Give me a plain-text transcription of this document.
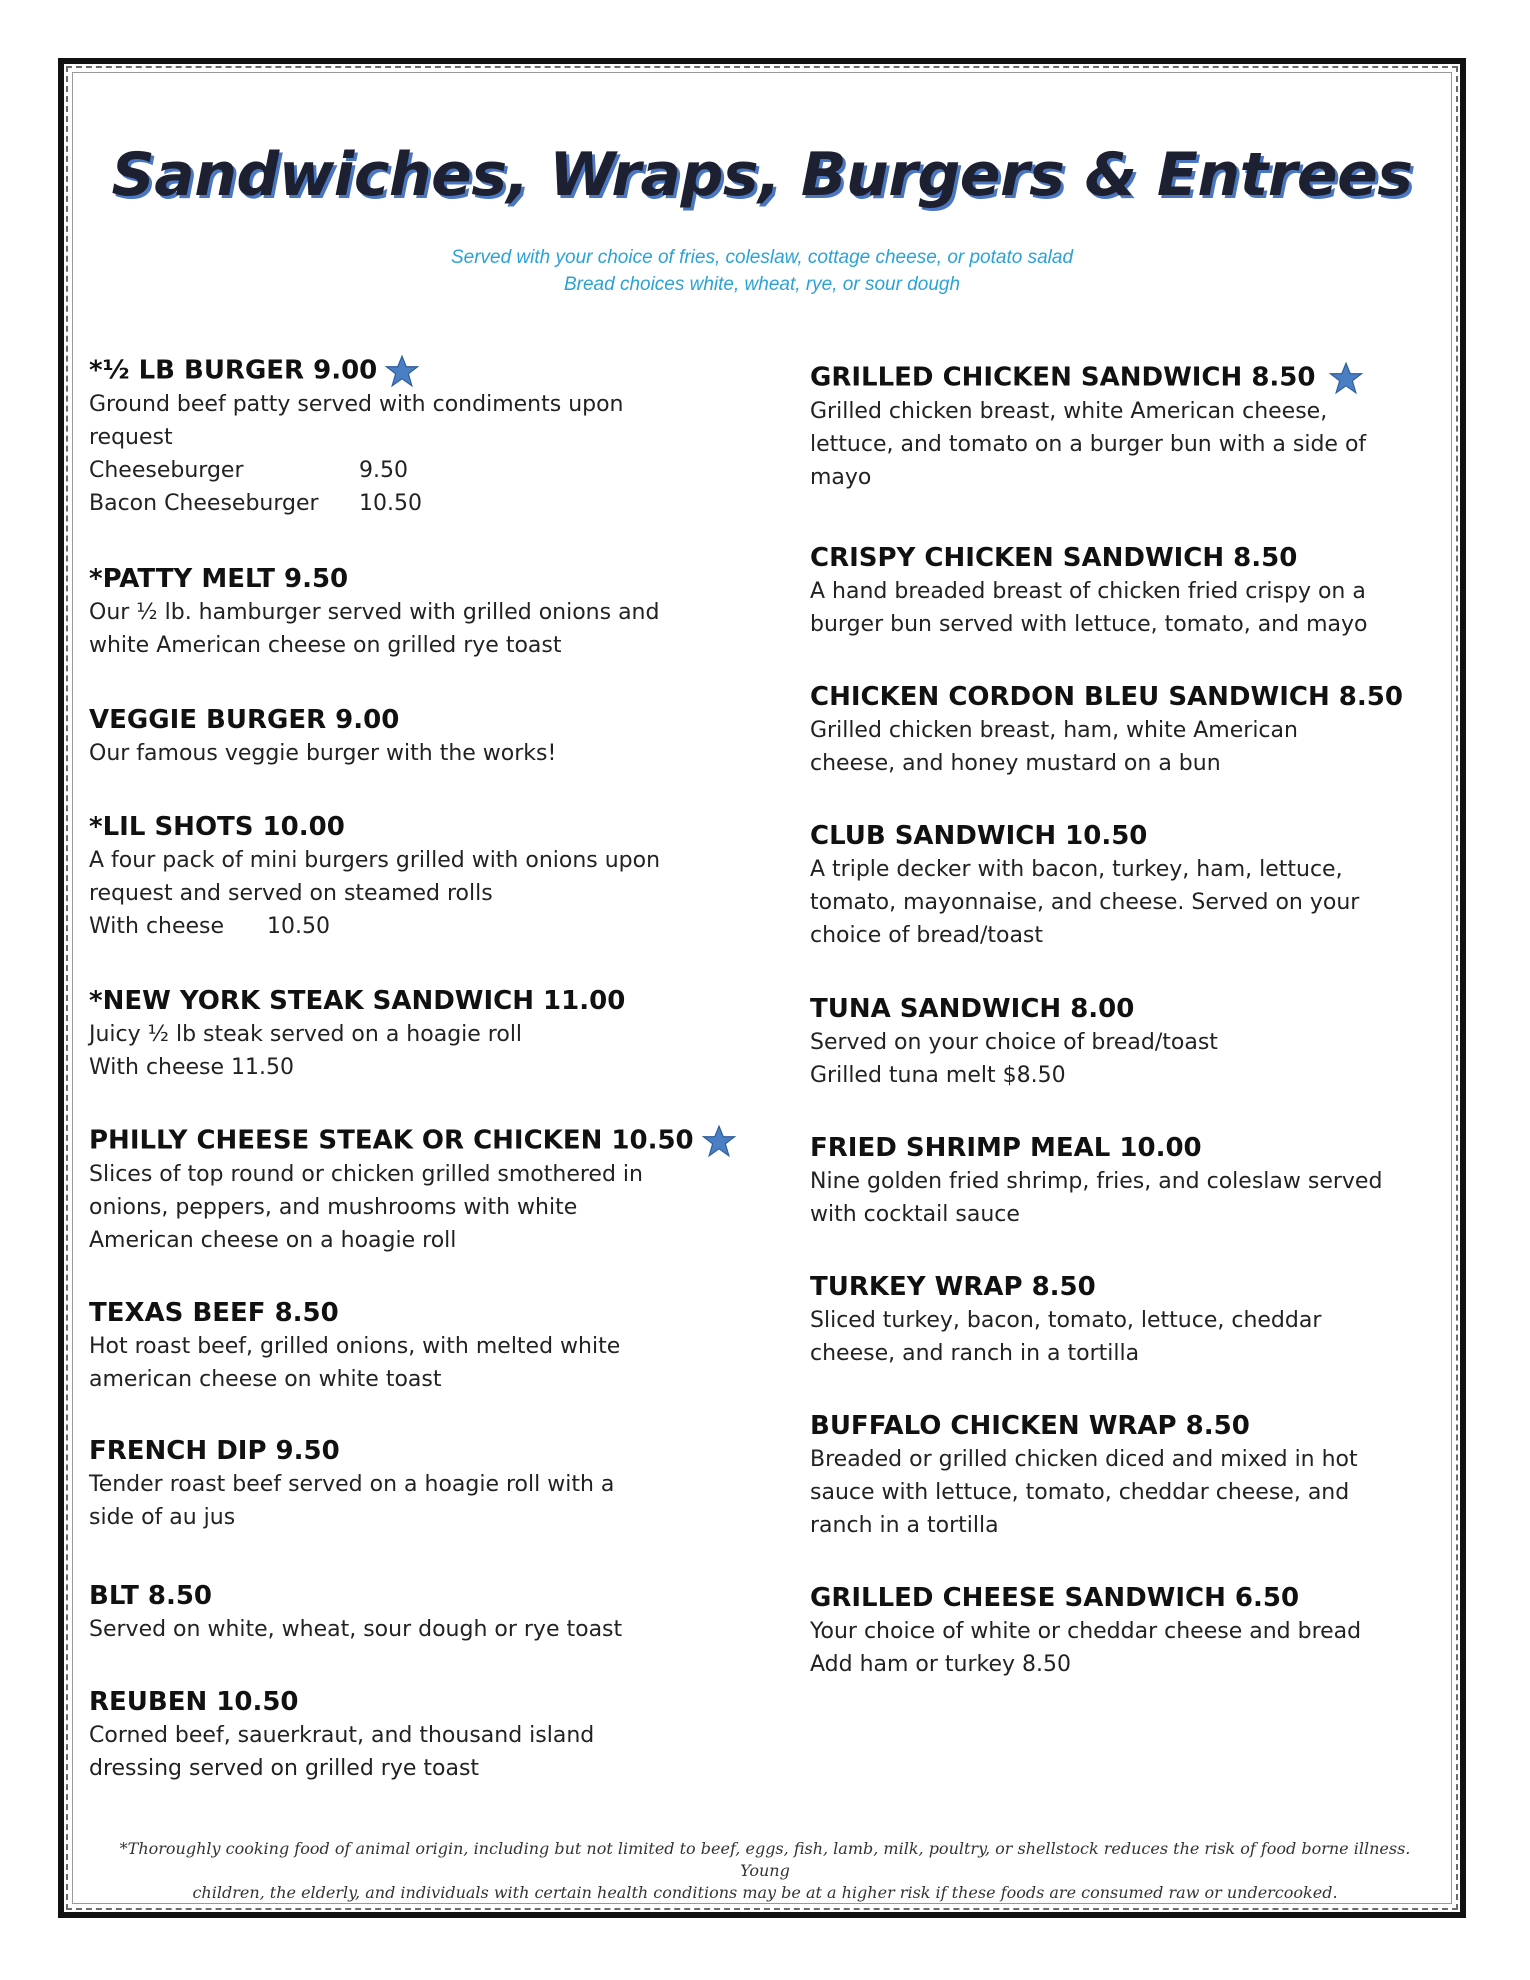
Sandwiches, Wraps, Burgers & Entrees
Served with your choice of fries, coleslaw, cottage cheese, or potato salad
Bread choices white, wheat, rye, or sour dough
*½ LB BURGER 9.00

Ground beef patty served with condiments upon

request

Cheeseburger	9.50

Bacon Cheeseburger 10.50

*PATTY MELT 9.50

Our ½ lb. hamburger served with grilled onions and

white American cheese on grilled rye toast

VEGGIE BURGER 9.00

Our famous veggie burger with the works!

*LIL SHOTS 10.00

A four pack of mini burgers grilled with onions upon

request and served on steamed rolls

With cheese 10.50

*NEW YORK STEAK SANDWICH 11.00

Juicy ½ lb steak served on a hoagie roll

With cheese 11.50

PHILLY CHEESE STEAK OR CHICKEN 10.50

Slices of top round or chicken grilled smothered in

onions, peppers, and mushrooms with white

American cheese on a hoagie roll

TEXAS BEEF 8.50

Hot roast beef, grilled onions, with melted white

american cheese on white toast

FRENCH DIP 9.50

Tender roast beef served on a hoagie roll with a

side of au jus

BLT 8.50

Served on white, wheat, sour dough or rye toast

REUBEN 10.50

Corned beef, sauerkraut, and thousand island

dressing served on grilled rye toast

GRILLED CHICKEN SANDWICH 8.50

Grilled chicken breast, white American cheese,

lettuce, and tomato on a burger bun with a side of

mayo

CRISPY CHICKEN SANDWICH 8.50

A hand breaded breast of chicken fried crispy on a

burger bun served with lettuce, tomato, and mayo

CHICKEN CORDON BLEU SANDWICH 8.50

Grilled chicken breast, ham, white American

cheese, and honey mustard on a bun

CLUB SANDWICH 10.50

A triple decker with bacon, turkey, ham, lettuce,

tomato, mayonnaise, and cheese. Served on your

choice of bread/toast

TUNA SANDWICH 8.00

Served on your choice of bread/toast

Grilled tuna melt $8.50

FRIED SHRIMP MEAL 10.00

Nine golden fried shrimp, fries, and coleslaw served

with cocktail sauce

TURKEY WRAP 8.50

Sliced turkey, bacon, tomato, lettuce, cheddar

cheese, and ranch in a tortilla

BUFFALO CHICKEN WRAP 8.50

Breaded or grilled chicken diced and mixed in hot

sauce with lettuce, tomato, cheddar cheese, and

ranch in a tortilla

GRILLED CHEESE SANDWICH 6.50

Your choice of white or cheddar cheese and bread

Add ham or turkey 8.50

*Thoroughly cooking food of animal origin, including but not limited to beef, eggs, fish, lamb, milk, poultry, or shellstock reduces the risk of food borne illness. Young
children, the elderly, and individuals with certain health conditions may be at a higher risk if these foods are consumed raw or undercooked.
